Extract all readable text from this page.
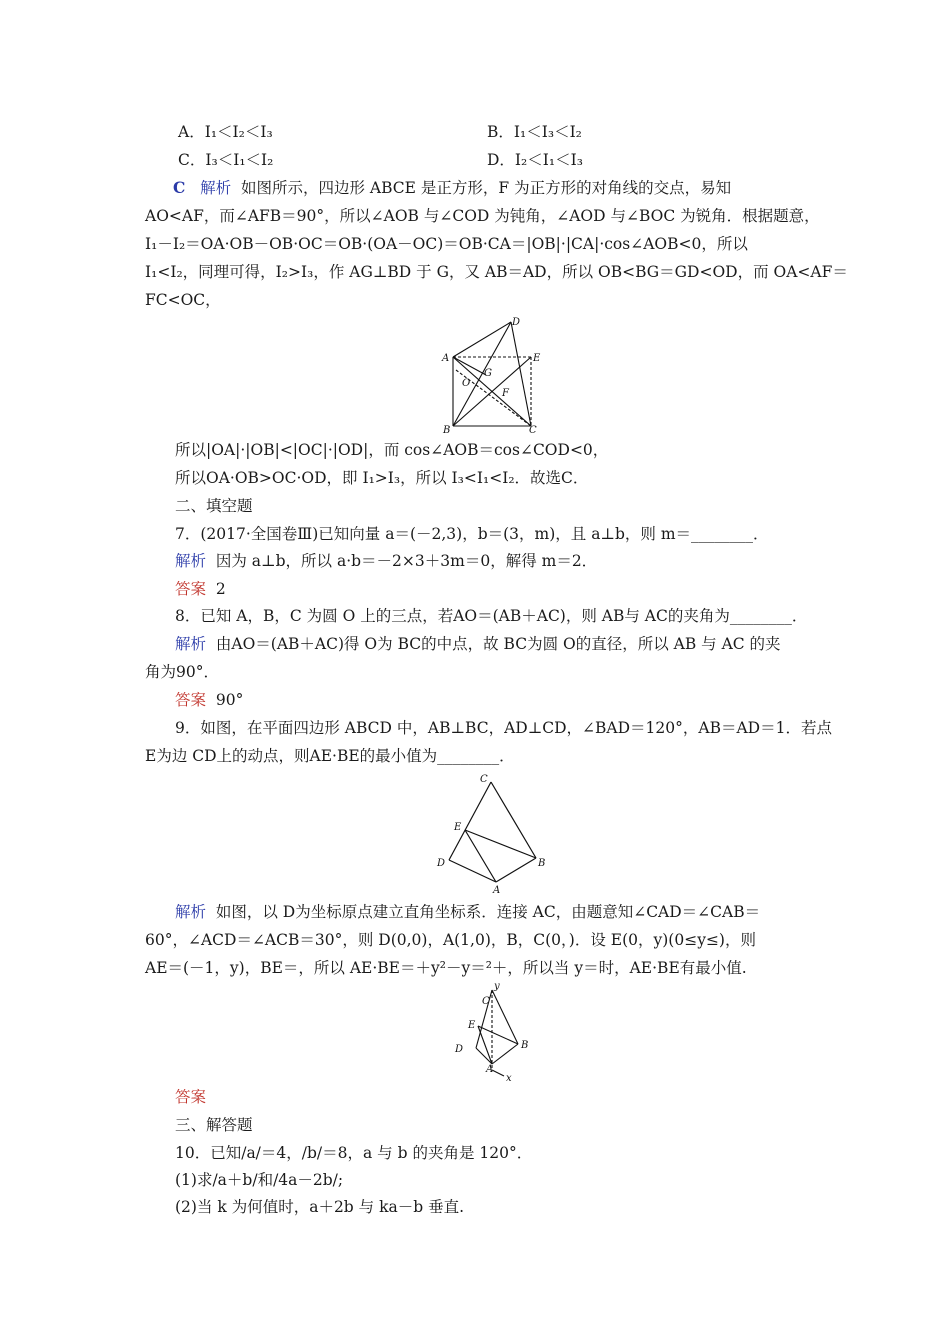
A．I₁＜I₂＜I₃	B．I₁＜I₃＜I₂
C．I₃＜I₁＜I₂	D．I₂＜I₁＜I₃
C 解析 如图所示，四边形 ABCE 是正方形，F 为正方形的对角线的交点，易知
AO<AF，而∠AFB＝90°，所以∠AOB 与∠COD 为钝角，∠AOD 与∠BOC 为锐角．根据题意，
I₁－I₂＝OA·OB－OB·OC＝OB·(OA－OC)＝OB·CA＝|OB|·|CA|·cos∠AOB<0，所以
I₁<I₂，同理可得，I₂>I₃，作 AG⊥BD 于 G，又 AB＝AD，所以 OB<BG＝GD<OD，而 OA<AF＝
FC<OC，
D
A	E
G
O
F
B	C
所以|OA|·|OB|<|OC|·|OD|，而 cos∠AOB＝cos∠COD<0，
所以OA·OB>OC·OD，即 I₁>I₃，所以 I₃<I₁<I₂．故选C．
二、填空题
7．(2017·全国卷Ⅲ)已知向量 a＝(－2,3)，b＝(3，m)，且 a⊥b，则 m＝________．
解析 因为 a⊥b，所以 a·b＝－2×3＋3m＝0，解得 m＝2．
答案 2
8．已知 A，B，C 为圆 O 上的三点，若AO＝(AB＋AC)，则 AB与 AC的夹角为________．
解析 由AO＝(AB＋AC)得 O为 BC的中点，故 BC为圆 O的直径，所以 AB 与 AC 的夹
角为90°．
答案 90°
9．如图，在平面四边形 ABCD 中，AB⊥BC，AD⊥CD，∠BAD＝120°，AB＝AD＝1．若点
E为边 CD上的动点，则AE·BE的最小值为________．
C
E
D	B
A
解析 如图，以 D为坐标原点建立直角坐标系．连接 AC，由题意知∠CAD＝∠CAB＝
60°，∠ACD＝∠ACB＝30°，则 D(0,0)，A(1,0)，B，C(0，)．设 E(0，y)(0≤y≤)，则
AE＝(－1，y)，BE＝，所以 AE·BE＝＋y²－y＝²＋，所以当 y＝时，AE·BE有最小值.
y
C
E
D	B
A
x
答案
三、解答题
10．已知/a/＝4，/b/＝8，a 与 b 的夹角是 120°．
(1)求/a＋b/和/4a－2b/;
(2)当 k 为何值时，a＋2b 与 ka－b 垂直.
